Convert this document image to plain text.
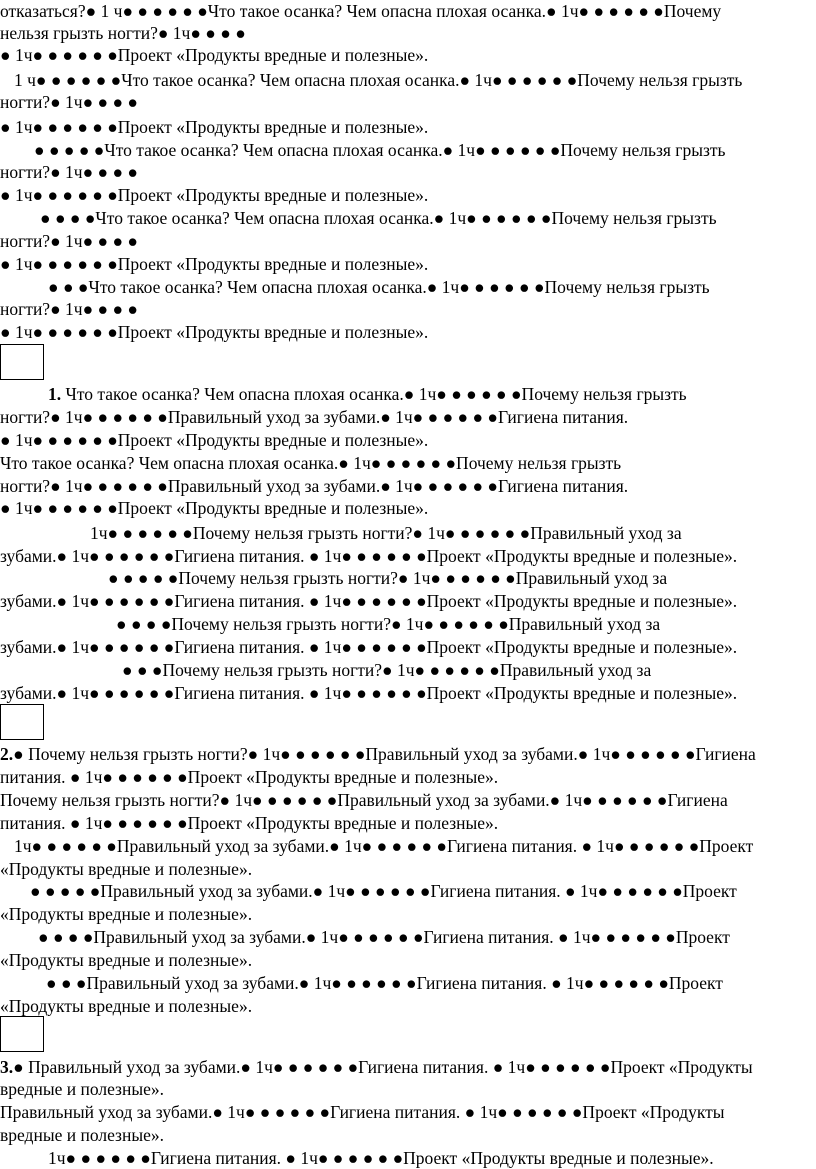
отказаться?● 1 ч● ● ● ● ● ●Что такое осанка? Чем опасна плохая осанка.● 1ч● ● ● ● ● ●Почему
нельзя грызть ногти?● 1ч● ● ● ●
● 1ч● ● ● ● ● ●Проект «Продукты вредные и полезные».
1 ч● ● ● ● ● ●Что такое осанка? Чем опасна плохая осанка.● 1ч● ● ● ● ● ●Почему нельзя грызть
ногти?● 1ч● ● ● ●
● 1ч● ● ● ● ● ●Проект «Продукты вредные и полезные».
● ● ● ● ●Что такое осанка? Чем опасна плохая осанка.● 1ч● ● ● ● ● ●Почему нельзя грызть
ногти?● 1ч● ● ● ●
● 1ч● ● ● ● ● ●Проект «Продукты вредные и полезные».
● ● ● ●Что такое осанка? Чем опасна плохая осанка.● 1ч● ● ● ● ● ●Почему нельзя грызть
ногти?● 1ч● ● ● ●
● 1ч● ● ● ● ● ●Проект «Продукты вредные и полезные».
● ● ●Что такое осанка? Чем опасна плохая осанка.● 1ч● ● ● ● ● ●Почему нельзя грызть
ногти?● 1ч● ● ● ●
● 1ч● ● ● ● ● ●Проект «Продукты вредные и полезные».
1. Что такое осанка? Чем опасна плохая осанка.● 1ч● ● ● ● ● ●Почему нельзя грызть
ногти?● 1ч● ● ● ● ● ●Правильный уход за зубами.● 1ч● ● ● ● ● ●Гигиена питания.
● 1ч● ● ● ● ● ●Проект «Продукты вредные и полезные».
Что такое осанка? Чем опасна плохая осанка.● 1ч● ● ● ● ● ●Почему нельзя грызть
ногти?● 1ч● ● ● ● ● ●Правильный уход за зубами.● 1ч● ● ● ● ● ●Гигиена питания.
● 1ч● ● ● ● ● ●Проект «Продукты вредные и полезные».
1ч● ● ● ● ● ●Почему нельзя грызть ногти?● 1ч● ● ● ● ● ●Правильный уход за
зубами.● 1ч● ● ● ● ● ●Гигиена питания. ● 1ч● ● ● ● ● ●Проект «Продукты вредные и полезные».
● ● ● ● ●Почему нельзя грызть ногти?● 1ч● ● ● ● ● ●Правильный уход за
зубами.● 1ч● ● ● ● ● ●Гигиена питания. ● 1ч● ● ● ● ● ●Проект «Продукты вредные и полезные».
● ● ● ●Почему нельзя грызть ногти?● 1ч● ● ● ● ● ●Правильный уход за
зубами.● 1ч● ● ● ● ● ●Гигиена питания. ● 1ч● ● ● ● ● ●Проект «Продукты вредные и полезные».
● ● ●Почему нельзя грызть ногти?● 1ч● ● ● ● ● ●Правильный уход за
зубами.● 1ч● ● ● ● ● ●Гигиена питания. ● 1ч● ● ● ● ● ●Проект «Продукты вредные и полезные».
2.● Почему нельзя грызть ногти?● 1ч● ● ● ● ● ●Правильный уход за зубами.● 1ч● ● ● ● ● ●Гигиена
питания. ● 1ч● ● ● ● ● ●Проект «Продукты вредные и полезные».
Почему нельзя грызть ногти?● 1ч● ● ● ● ● ●Правильный уход за зубами.● 1ч● ● ● ● ● ●Гигиена
питания. ● 1ч● ● ● ● ● ●Проект «Продукты вредные и полезные».
1ч● ● ● ● ● ●Правильный уход за зубами.● 1ч● ● ● ● ● ●Гигиена питания. ● 1ч● ● ● ● ● ●Проект
«Продукты вредные и полезные».
● ● ● ● ●Правильный уход за зубами.● 1ч● ● ● ● ● ●Гигиена питания. ● 1ч● ● ● ● ● ●Проект
«Продукты вредные и полезные».
● ● ● ●Правильный уход за зубами.● 1ч● ● ● ● ● ●Гигиена питания. ● 1ч● ● ● ● ● ●Проект
«Продукты вредные и полезные».
● ● ●Правильный уход за зубами.● 1ч● ● ● ● ● ●Гигиена питания. ● 1ч● ● ● ● ● ●Проект
«Продукты вредные и полезные».
3.● Правильный уход за зубами.● 1ч● ● ● ● ● ●Гигиена питания. ● 1ч● ● ● ● ● ●Проект «Продукты
вредные и полезные».
Правильный уход за зубами.● 1ч● ● ● ● ● ●Гигиена питания. ● 1ч● ● ● ● ● ●Проект «Продукты
вредные и полезные».
1ч● ● ● ● ● ●Гигиена питания. ● 1ч● ● ● ● ● ●Проект «Продукты вредные и полезные».
